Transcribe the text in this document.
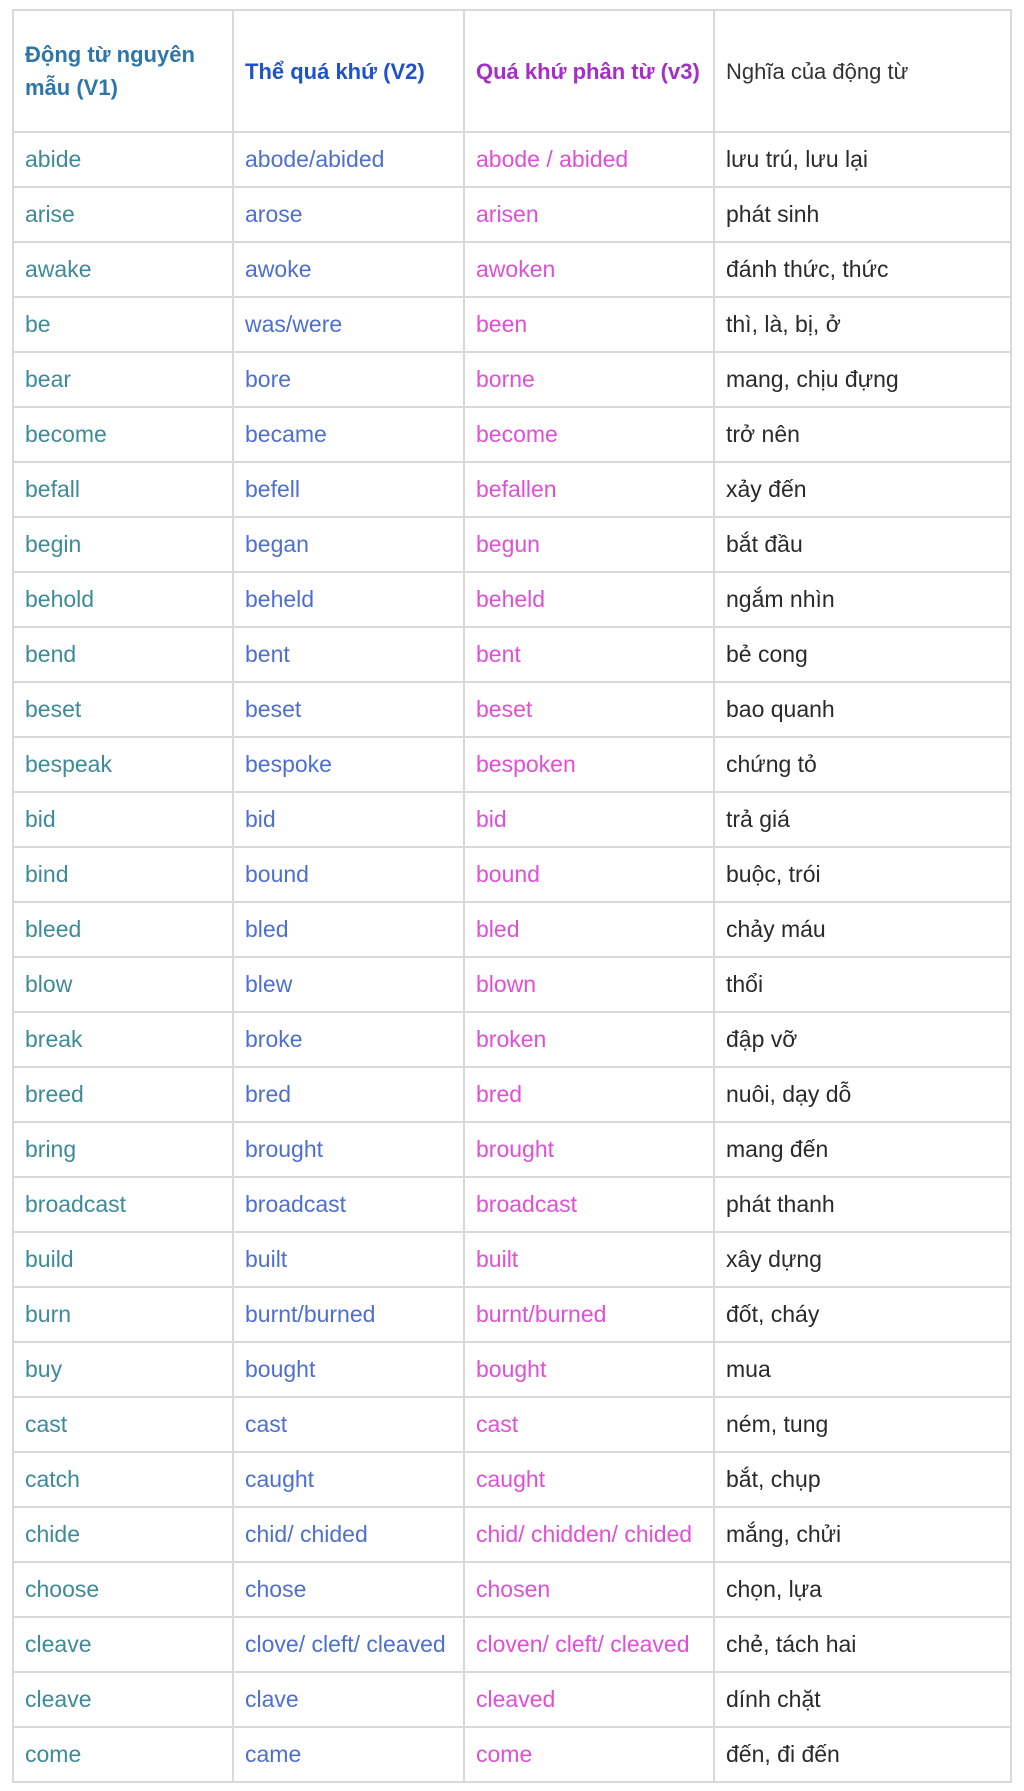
Động từ nguyên mẫu (V1)	Thể quá khứ (V2)	Quá khứ phân từ (v3)	Nghĩa của động từ
abide	abode/abided	abode / abided	lưu trú, lưu lại
arise	arose	arisen	phát sinh
awake	awoke	awoken	đánh thức, thức
be	was/were	been	thì, là, bị, ở
bear	bore	borne	mang, chịu đựng
become	became	become	trở nên
befall	befell	befallen	xảy đến
begin	began	begun	bắt đầu
behold	beheld	beheld	ngắm nhìn
bend	bent	bent	bẻ cong
beset	beset	beset	bao quanh
bespeak	bespoke	bespoken	chứng tỏ
bid	bid	bid	trả giá
bind	bound	bound	buộc, trói
bleed	bled	bled	chảy máu
blow	blew	blown	thổi
break	broke	broken	đập vỡ
breed	bred	bred	nuôi, dạy dỗ
bring	brought	brought	mang đến
broadcast	broadcast	broadcast	phát thanh
build	built	built	xây dựng
burn	burnt/burned	burnt/burned	đốt, cháy
buy	bought	bought	mua
cast	cast	cast	ném, tung
catch	caught	caught	bắt, chụp
chide	chid/ chided	chid/ chidden/ chided	mắng, chửi
choose	chose	chosen	chọn, lựa
cleave	clove/ cleft/ cleaved	cloven/ cleft/ cleaved	chẻ, tách hai
cleave	clave	cleaved	dính chặt
come	came	come	đến, đi đến
